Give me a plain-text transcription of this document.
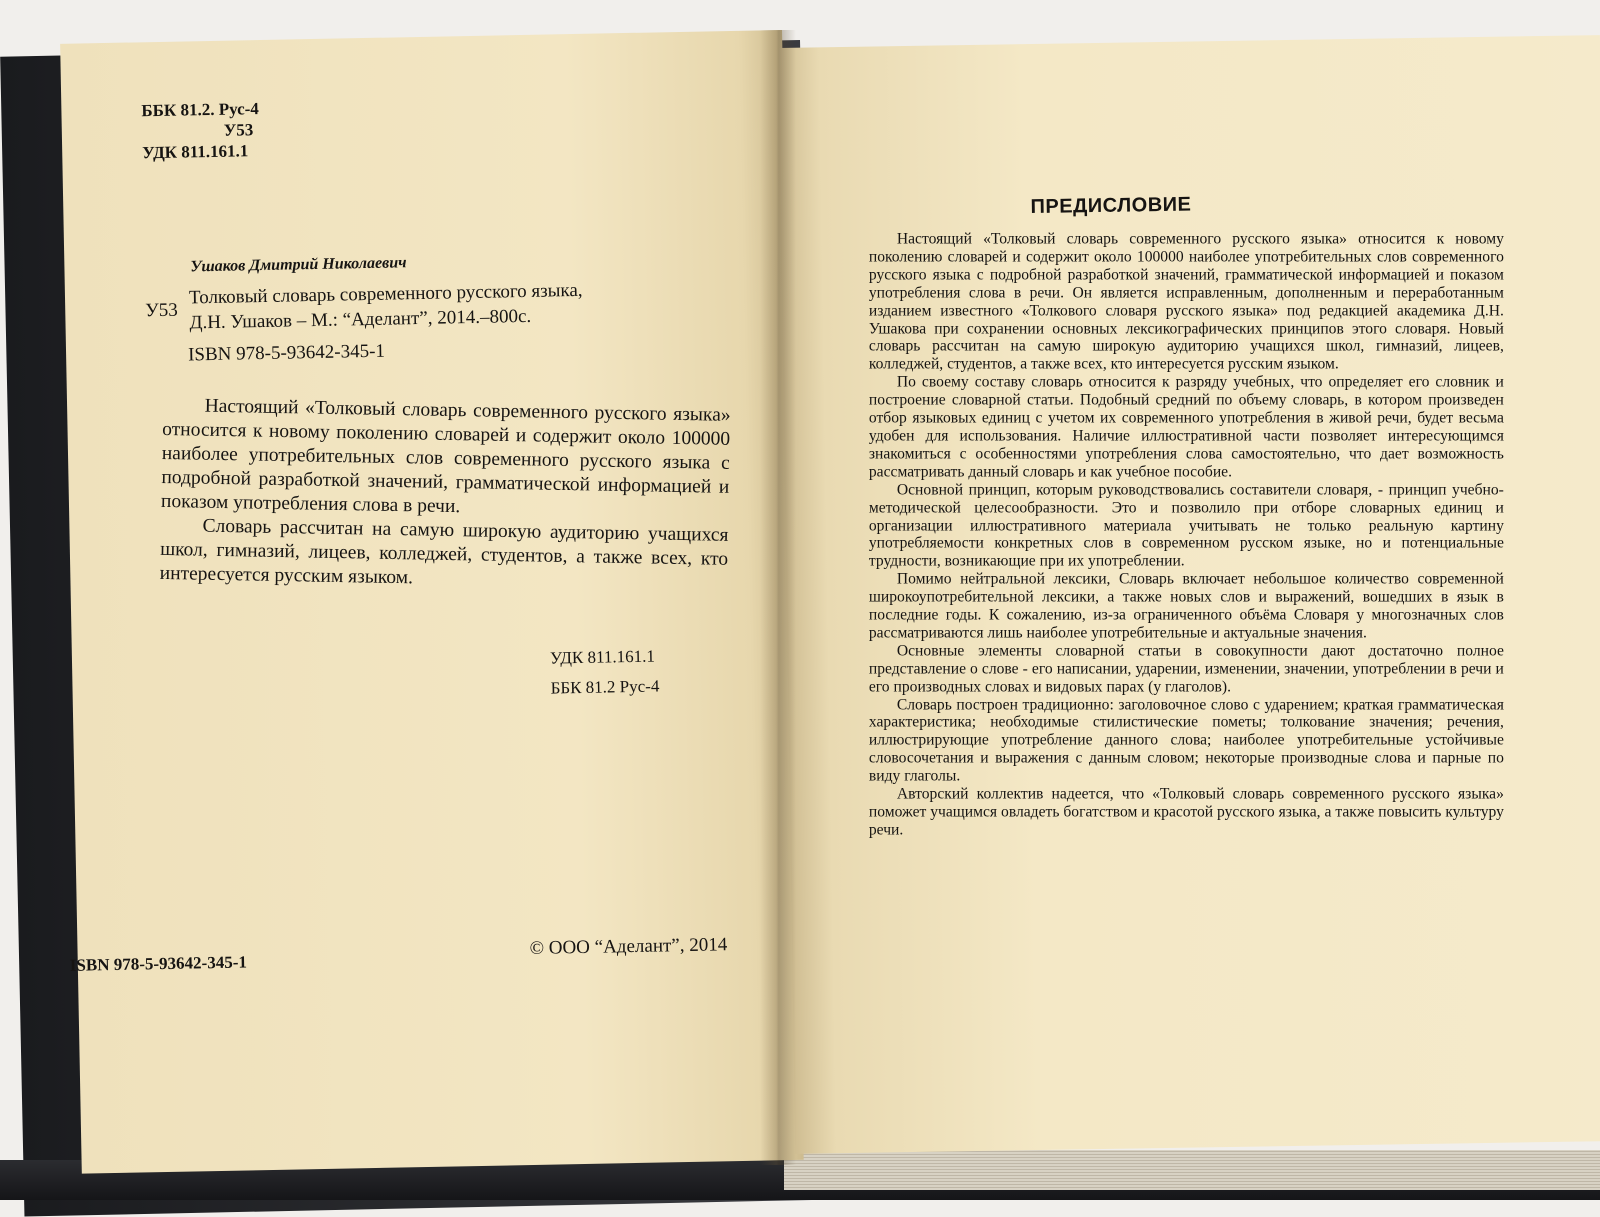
ББК 81.2. Рус-4
У53
УДК 811.161.1
Ушаков Дмитрий Николаевич
У53
Толковый словарь современного русского языка,
Д.Н. Ушаков – М.: “Аделант”, 2014.–800с.
ISBN 978-5-93642-345-1

Настоящий «Толковый словарь современного русского языка» относится к новому поколению словарей и содержит около 100000 наиболее употребительных слов современного русского языка с подробной разработкой значений, грамматической информацией и показом употребления слова в речи.

Словарь рассчитан на самую широкую аудиторию учащихся школ, гимназий, лицеев, колледжей, студентов, а также всех, кто интересуется русским языком.

УДК 811.161.1
ББК 81.2 Рус-4
ISBN 978-5-93642-345-1
© ООО “Аделант”, 2014
ПРЕДИСЛОВИЕ

Настоящий «Толковый словарь современного русского языка» относится к новому поколению словарей и содержит около 100000 наиболее употребительных слов современного русского языка с подробной разработкой значений, грамматической информацией и показом употребления слова в речи. Он является исправленным, дополненным и переработанным изданием известного «Толкового словаря русского языка» под редакцией академика Д.Н. Ушакова при сохранении основных лексикографических принципов этого словаря. Новый словарь рассчитан на самую широкую аудиторию учащихся школ, гимназий, лицеев, колледжей, студентов, а также всех, кто интересуется русским языком.

По своему составу словарь относится к разряду учебных, что определяет его словник и построение словарной статьи. Подобный средний по объему словарь, в котором произведен отбор языковых единиц с учетом их современного употребления в живой речи, будет весьма удобен для использования. Наличие иллюстративной части позволяет интересующимся знакомиться с особенностями употребления слова самостоятельно, что дает возможность рассматривать данный словарь и как учебное пособие.

Основной принцип, которым руководствовались составители словаря, - принцип учебно-методической целесообразности. Это и позволило при отборе словарных единиц и организации иллюстративного материала учитывать не только реальную картину употребляемости конкретных слов в современном русском языке, но и потенциальные трудности, возникающие при их употреблении.

Помимо нейтральной лексики, Словарь включает небольшое количество современной широкоупотребительной лексики, а также новых слов и выражений, вошедших в язык в последние годы. К сожалению, из-за ограниченного объёма Словаря у многозначных слов рассматриваются лишь наиболее употребительные и актуальные значения.

Основные элементы словарной статьи в совокупности дают достаточно полное представление о слове - его написании, ударении, изменении, значении, употреблении в речи и его производных словах и видовых парах (у глаголов).

Словарь построен традиционно: заголовочное слово с ударением; краткая грамматическая характеристика; необходимые стилистические пометы; толкование значения; речения, иллюстрирующие употребление данного слова; наиболее употребительные устойчивые словосочетания и выражения с данным словом; некоторые производные слова и парные по виду глаголы.

Авторский коллектив надеется, что «Толковый словарь современного русского языка» поможет учащимся овладеть богатством и красотой русского языка, а также повысить культуру речи.
